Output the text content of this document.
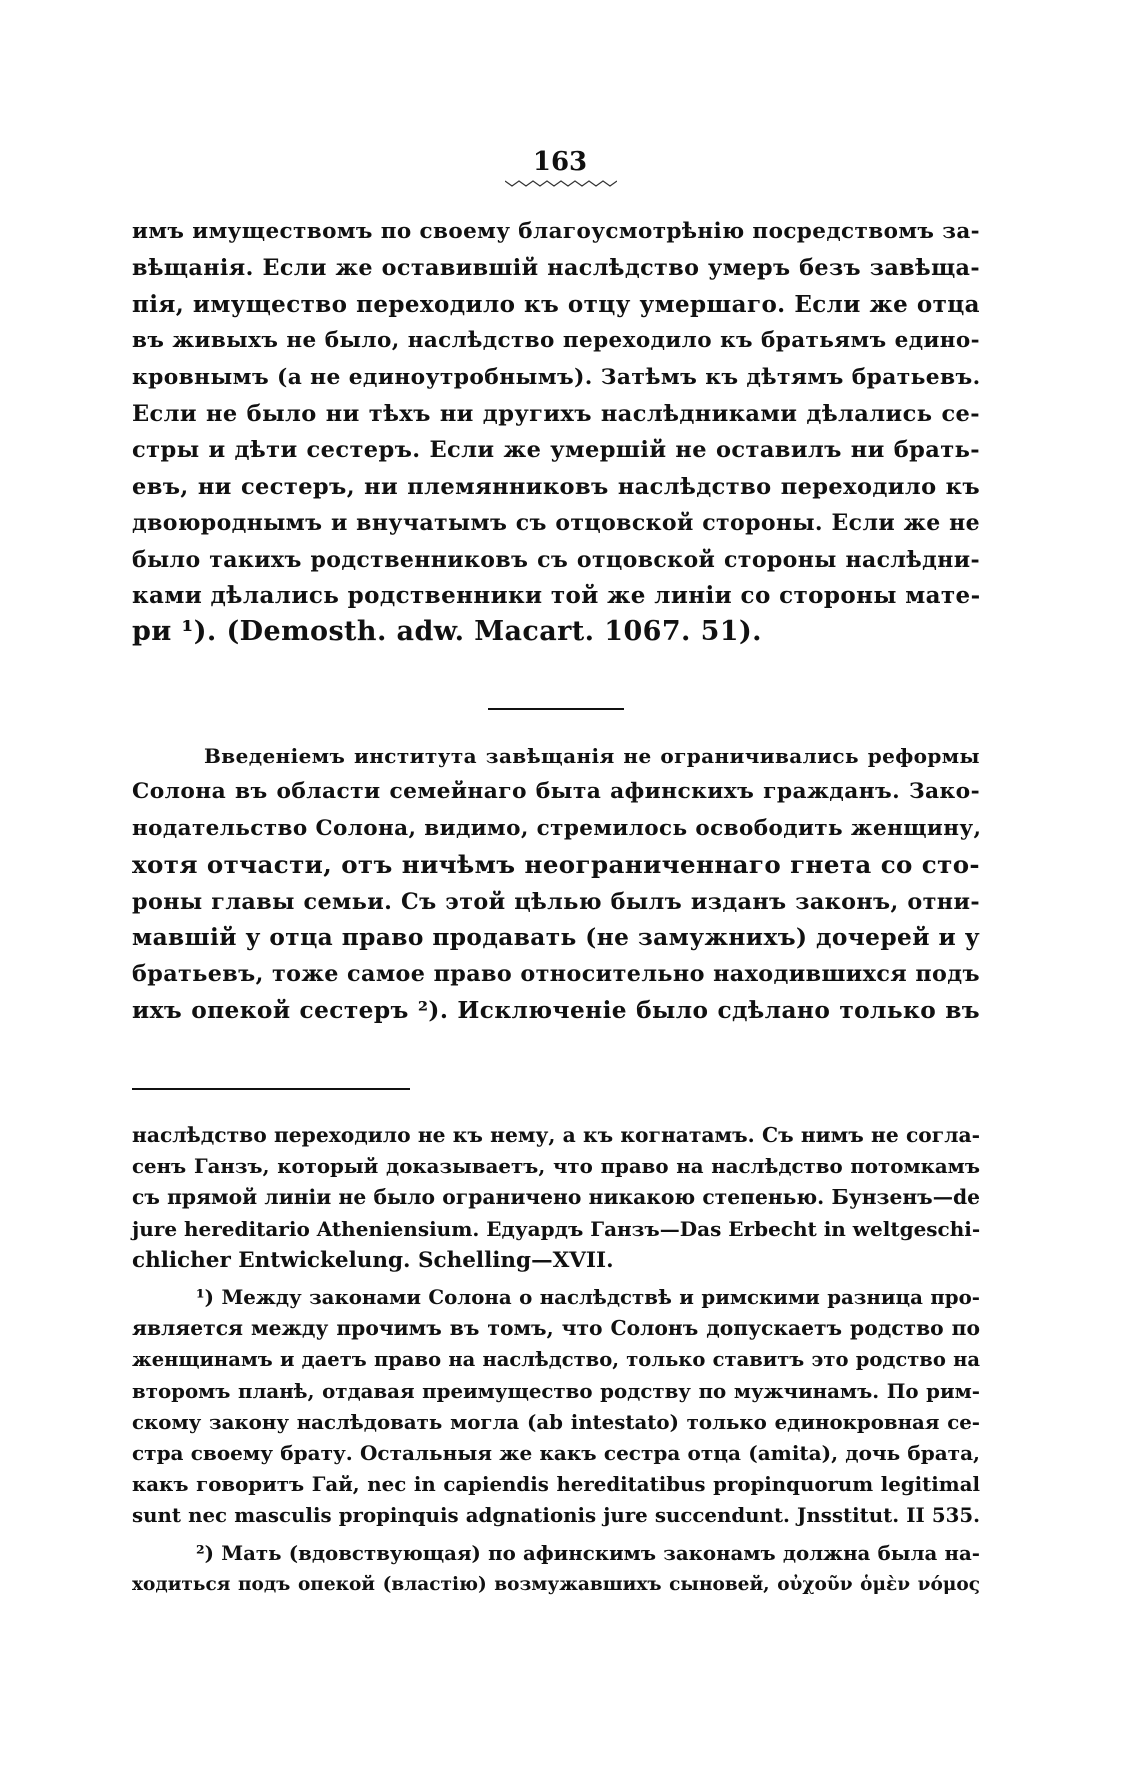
163
имъ имуществомъ по своему благоусмотрѣнію посредствомъ за-
вѣщанія. Если же оставившій наслѣдство умеръ безъ завѣща-
пія, имущество переходило къ отцу умершаго. Если же отца
въ живыхъ не было, наслѣдство переходило къ братьямъ едино-
кровнымъ (а не единоутробнымъ). Затѣмъ къ дѣтямъ братьевъ.
Если не было ни тѣхъ ни другихъ наслѣдниками дѣлались се-
стры и дѣти сестеръ. Если же умершій не оставилъ ни брать-
евъ, ни сестеръ, ни племянниковъ наслѣдство переходило къ
двоюроднымъ и внучатымъ съ отцовской стороны. Если же не
было такихъ родственниковъ съ отцовской стороны наслѣдни-
ками дѣлались родственники той же линіи со стороны мате-
ри ¹). (Demosth. adw. Macart. 1067. 51).
Введеніемъ института завѣщанія не ограничивались реформы
Солона въ области семейнаго быта афинскихъ гражданъ. Зако-
нодательство Солона, видимо, стремилось освободить женщину,
хотя отчасти, отъ ничѣмъ неограниченнаго гнета со сто-
роны главы семьи. Съ этой цѣлью былъ изданъ законъ, отни-
мавшій у отца право продавать (не замужнихъ) дочерей и у
братьевъ, тоже самое право относительно находившихся подъ
ихъ опекой сестеръ ²). Исключеніе было сдѣлано только въ
наслѣдство переходило не къ нему, а къ когнатамъ. Съ нимъ не согла-
сенъ Ганзъ, который доказываетъ, что право на наслѣдство потомкамъ
съ прямой линіи не было ограничено никакою степенью. Бунзенъ—de
jure hereditario Atheniensium. Едуардъ Ганзъ—Das Erbecht in weltgeschi-
chlicher Entwickelung. Schelling—XVII.
¹) Между законами Солона о наслѣдствѣ и римскими разница про-
является между прочимъ въ томъ, что Солонъ допускаетъ родство по
женщинамъ и даетъ право на наслѣдство, только ставитъ это родство на
второмъ планѣ, отдавая преимущество родству по мужчинамъ. По рим-
скому закону наслѣдовать могла (ab intestato) только единокровная се-
стра своему брату. Остальныя же какъ сестра отца (amita), дочь брата,
какъ говоритъ Гай, nec in capiendis hereditatibus propinquorum legitimal
sunt nec masculis propinquis adgnationis jure succendunt. Jnsstitut. II 535.
²) Мать (вдовствующая) по афинскимъ законамъ должна была на-
ходиться подъ опекой (властію) возмужавшихъ сыновей, οὐχοῦν ὁμὲν νόμος
